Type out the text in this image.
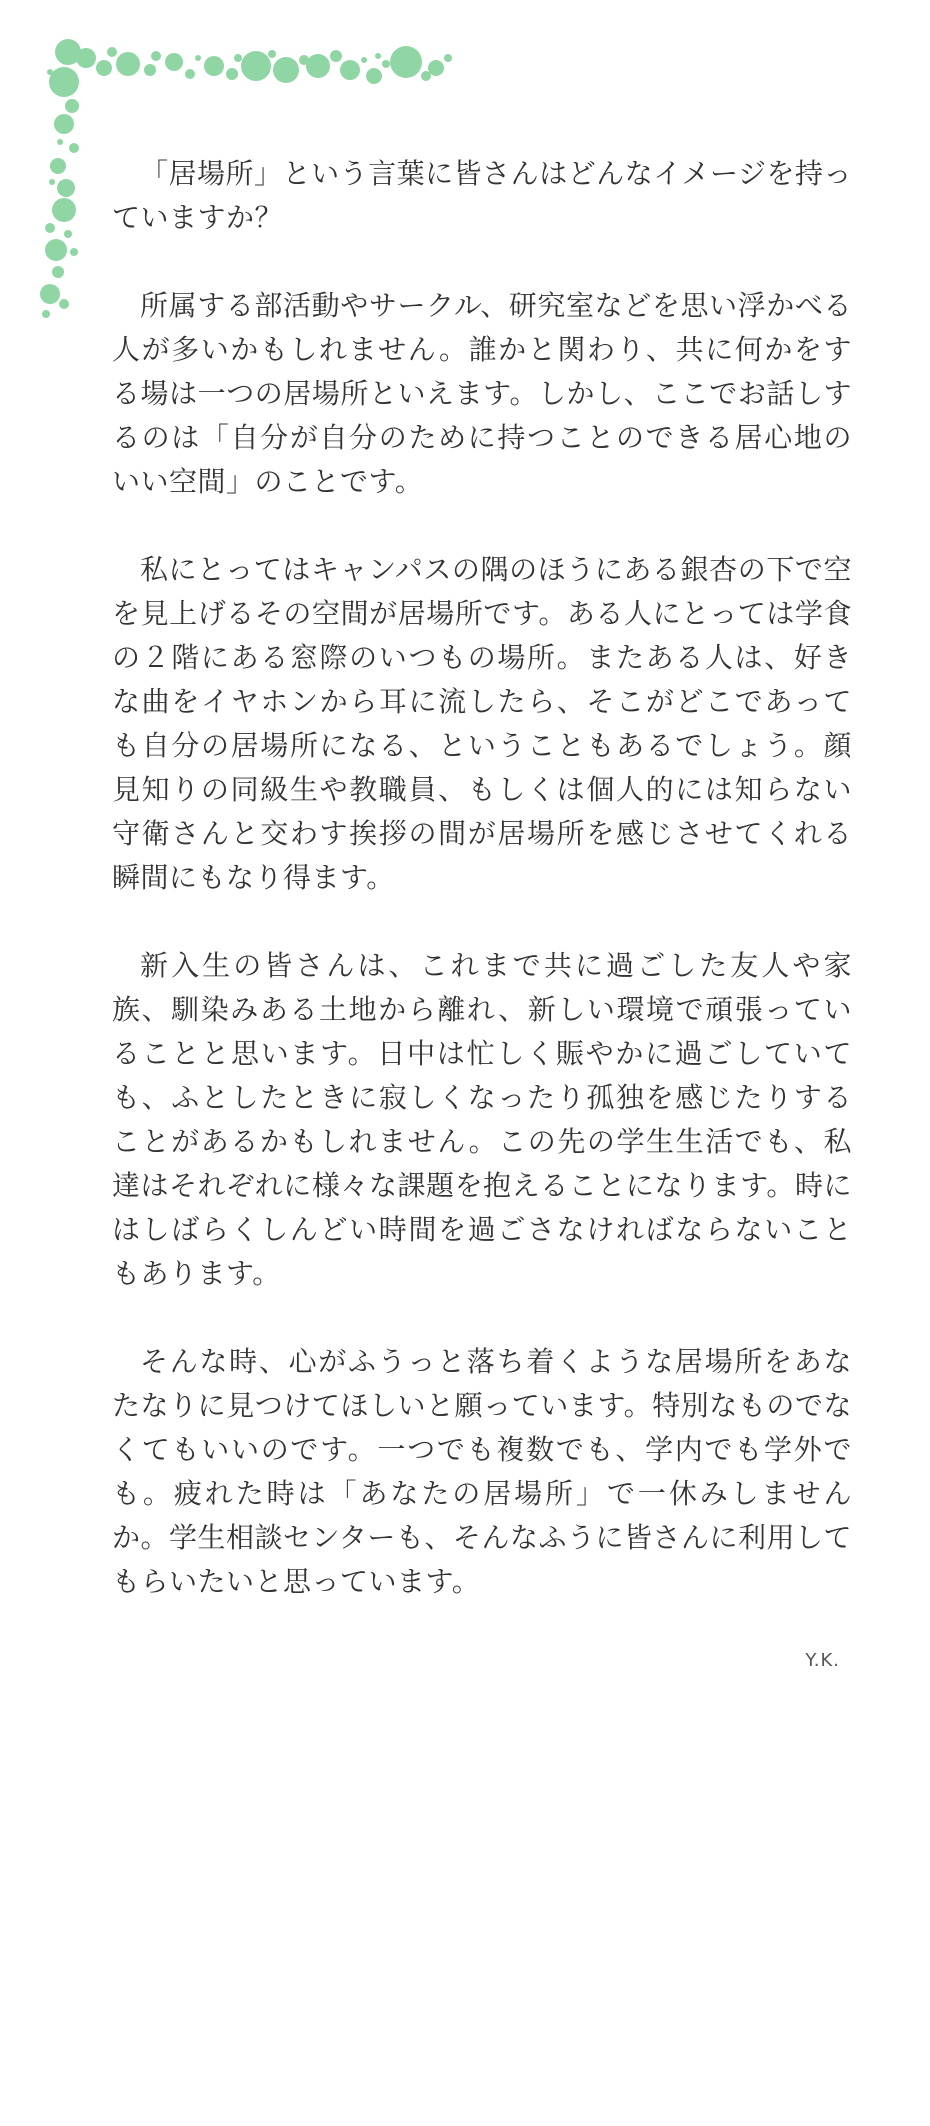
「居場所」という言葉に皆さんはどんなイメージを持っていますか？

所属する部活動やサークル、研究室などを思い浮かべる人が多いかもしれません。誰かと関わり、共に何かをする場は一つの居場所といえます。しかし、ここでお話しするのは「自分が自分のために持つことのできる居心地のいい空間」のことです。

私にとってはキャンパスの隅のほうにある銀杏の下で空を見上げるその空間が居場所です。ある人にとっては学食の２階にある窓際のいつもの場所。またある人は、好きな曲をイヤホンから耳に流したら、そこがどこであっても自分の居場所になる、ということもあるでしょう。顔見知りの同級生や教職員、もしくは個人的には知らない守衛さんと交わす挨拶の間が居場所を感じさせてくれる瞬間にもなり得ます。

新入生の皆さんは、これまで共に過ごした友人や家族、馴染みある土地から離れ、新しい環境で頑張っていることと思います。日中は忙しく賑やかに過ごしていても、ふとしたときに寂しくなったり孤独を感じたりすることがあるかもしれません。この先の学生生活でも、私達はそれぞれに様々な課題を抱えることになります。時にはしばらくしんどい時間を過ごさなければならないこともあります。

そんな時、心がふうっと落ち着くような居場所をあなたなりに見つけてほしいと願っています。特別なものでなくてもいいのです。一つでも複数でも、学内でも学外でも。疲れた時は「あなたの居場所」で一休みしませんか。学生相談センターも、そんなふうに皆さんに利用してもらいたいと思っています。

Y.K.
